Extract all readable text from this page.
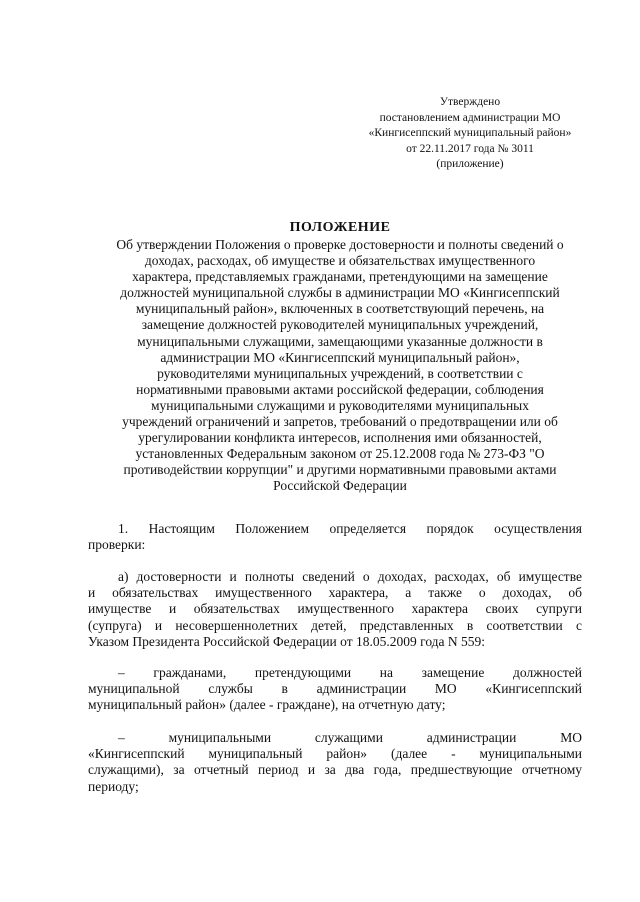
Утверждено
постановлением администрации МО
«Кингисеппский муниципальный район»
от 22.11.2017 года № 3011
(приложение)
ПОЛОЖЕНИЕ
Об утверждении Положения о проверке достоверности и полноты сведений о
доходах, расходах, об имуществе и обязательствах имущественного
характера, представляемых гражданами, претендующими на замещение
должностей муниципальной службы в администрации МО «Кингисеппский
муниципальный район», включенных в соответствующий перечень, на
замещение должностей руководителей муниципальных учреждений,
муниципальными служащими, замещающими указанные должности в
администрации МО «Кингисеппский муниципальный район»,
руководителями муниципальных учреждений, в соответствии с
нормативными правовыми актами российской федерации, соблюдения
муниципальными служащими и руководителями муниципальных
учреждений ограничений и запретов, требований о предотвращении или об
урегулировании конфликта интересов, исполнения ими обязанностей,
установленных Федеральным законом от 25.12.2008 года № 273-ФЗ "О
противодействии коррупции" и другими нормативными правовыми актами
Российской Федерации
1. Настоящим Положением определяется порядок осуществления
проверки:
а) достоверности и полноты сведений о доходах, расходах, об имуществе
и обязательствах имущественного характера, а также о доходах, об
имуществе и обязательствах имущественного характера своих супруги
(супруга) и несовершеннолетних детей, представленных в соответствии с
Указом Президента Российской Федерации от 18.05.2009 года N 559:
– гражданами, претендующими на замещение должностей
муниципальной службы в администрации МО «Кингисеппский
муниципальный район» (далее - граждане), на отчетную дату;
–	муниципальными	служащими	администрации	МО
«Кингисеппский муниципальный район» (далее - муниципальными
служащими), за отчетный период и за два года, предшествующие отчетному
периоду;
